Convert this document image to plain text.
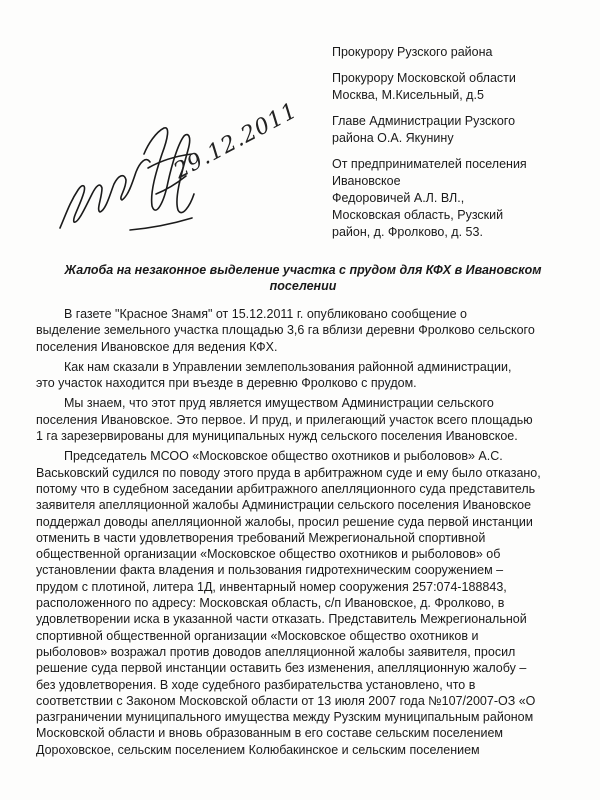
Прокурору Рузского района
Прокурору Московской области
Москва, М.Кисельный, д.5
Главе Администрации Рузского
района О.А. Якунину
От предпринимателей поселения
Ивановское
Федоровичей А.Л. ВЛ.,
Московская область, Рузский
район, д. Фролково, д. 53.
29.12.2011
Жалоба на незаконное выделение участка с прудом для КФХ в Ивановском
поселении
В газете "Красное Знамя" от 15.12.2011 г. опубликовано сообщение о
выделение земельного участка площадью 3,6 га вблизи деревни Фролково сельского
поселения Ивановское для ведения КФХ.
Как нам сказали в Управлении землепользования районной администрации,
это участок находится при въезде в деревню Фролково с прудом.
Мы знаем, что этот пруд является имуществом Администрации сельского
поселения Ивановское. Это первое. И пруд, и прилегающий участок всего площадью
1 га зарезервированы для муниципальных нужд сельского поселения Ивановское.
Председатель МСОО «Московское общество охотников и рыболовов» А.С.
Васьковский судился по поводу этого пруда в арбитражном суде и ему было отказано,
потому что в судебном заседании арбитражного апелляционного суда представитель
заявителя апелляционной жалобы Администрации сельского поселения Ивановское
поддержал доводы апелляционной жалобы, просил решение суда первой инстанции
отменить в части удовлетворения требований Межрегиональной спортивной
общественной организации «Московское общество охотников и рыболовов» об
установлении факта владения и пользования гидротехническим сооружением –
прудом с плотиной, литера 1Д, инвентарный номер сооружения 257:074-188843,
расположенного по адресу: Московская область, с/п Ивановское, д. Фролково, в
удовлетворении иска в указанной части отказать. Представитель Межрегиональной
спортивной общественной организации «Московское общество охотников и
рыболовов» возражал против доводов апелляционной жалобы заявителя, просил
решение суда первой инстанции оставить без изменения, апелляционную жалобу –
без удовлетворения. В ходе судебного разбирательства установлено, что в
соответствии с Законом Московской области от 13 июля 2007 года №107/2007-ОЗ «О
разграничении муниципального имущества между Рузским муниципальным районом
Московской области и вновь образованным в его составе сельским поселением
Дороховское, сельским поселением Колюбакинское и сельским поселением
